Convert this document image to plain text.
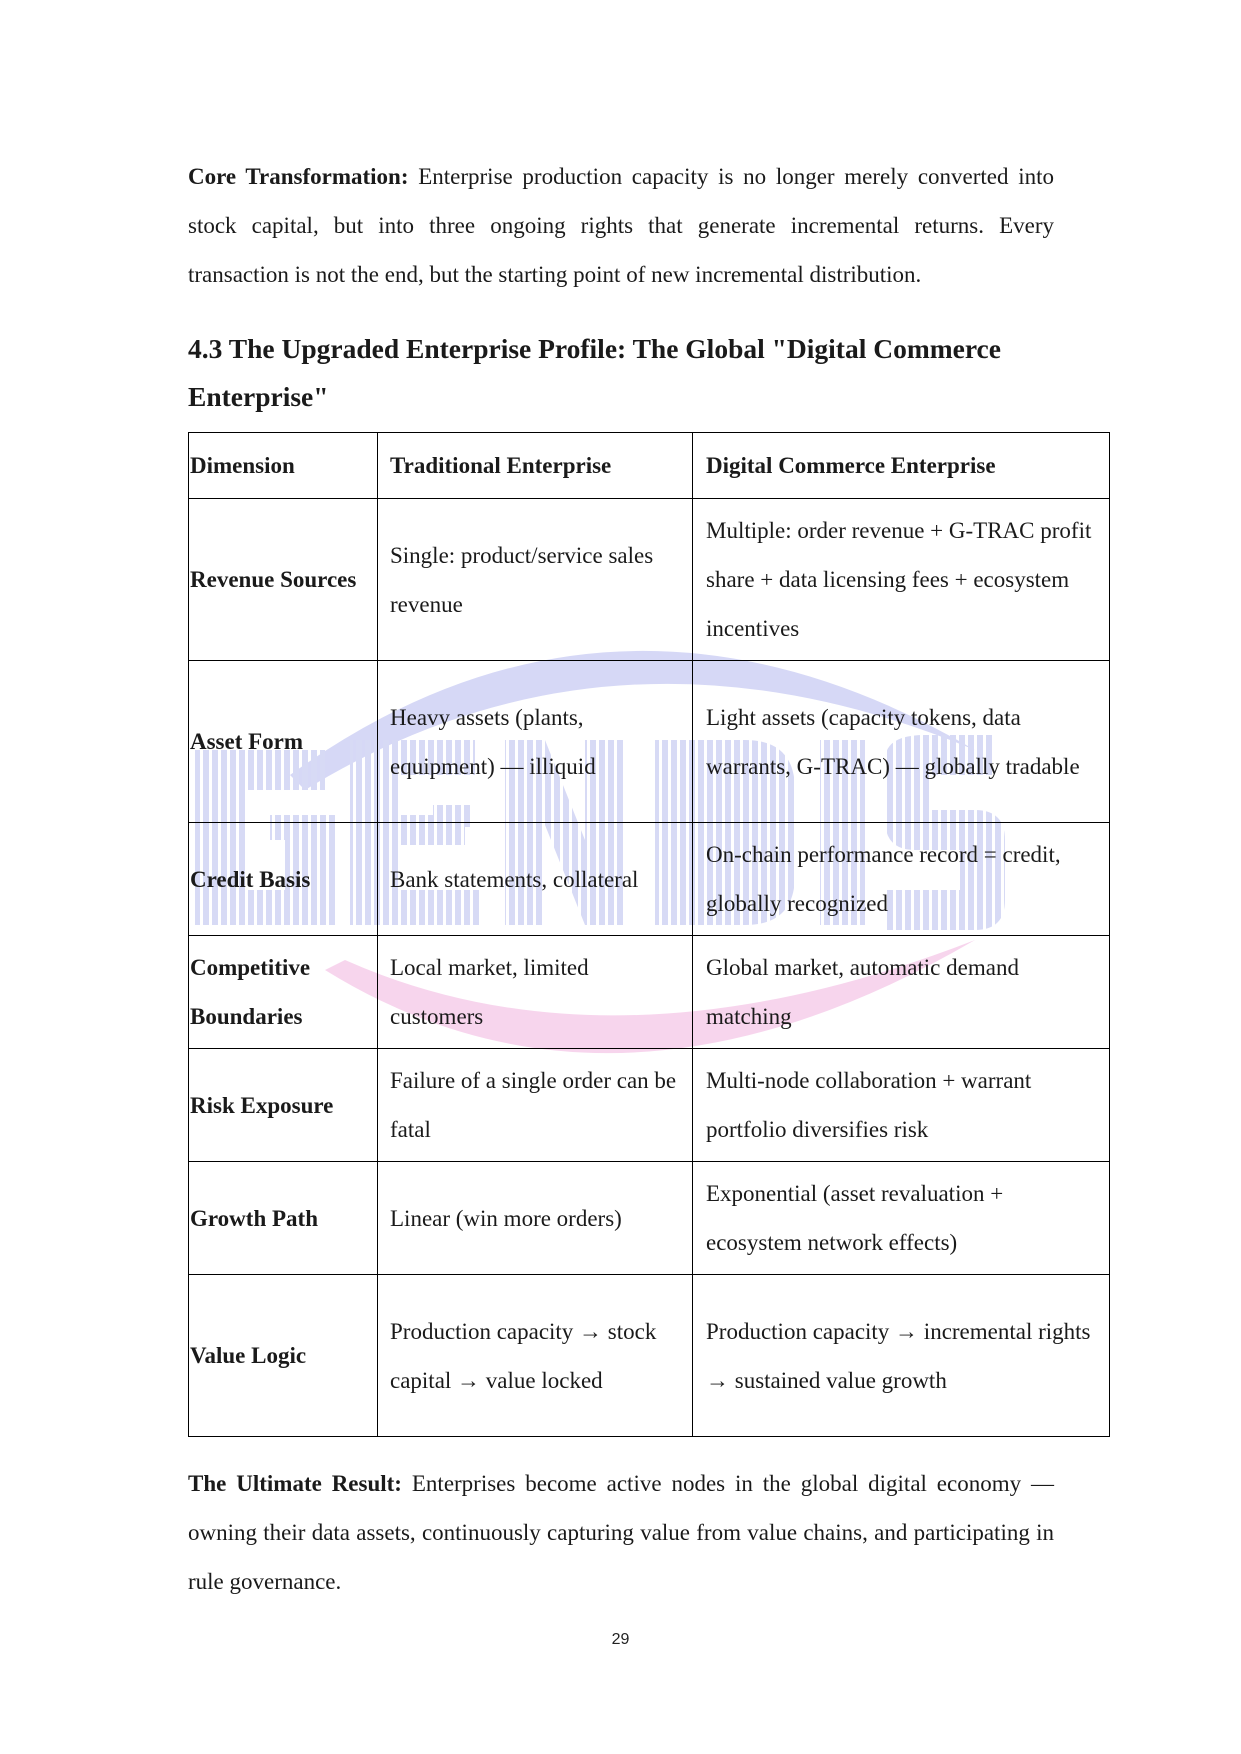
Core Transformation: Enterprise production capacity is no longer merely converted into stock capital, but into three ongoing rights that generate incremental returns. Every transaction is not the end, but the starting point of new incremental distribution.

4.3 The Upgraded Enterprise Profile: The Global "Digital Commerce Enterprise"
Dimension	Traditional Enterprise	Digital Commerce Enterprise
Revenue Sources	Single: product/service sales revenue	Multiple: order revenue + G-TRAC profit share + data licensing fees + ecosystem incentives
Asset Form	Heavy assets (plants, equipment) — illiquid	Light assets (capacity tokens, data warrants, G-TRAC) — globally tradable
Credit Basis	Bank statements, collateral	On-chain performance record = credit, globally recognized
Competitive Boundaries	Local market, limited customers	Global market, automatic demand matching
Risk Exposure	Failure of a single order can be fatal	Multi-node collaboration + warrant portfolio diversifies risk
Growth Path	Linear (win more orders)	Exponential (asset revaluation + ecosystem network effects)
Value Logic	Production capacity → stock capital → value locked	Production capacity → incremental rights → sustained value growth

The Ultimate Result: Enterprises become active nodes in the global digital economy — owning their data assets, continuously capturing value from value chains, and participating in rule governance.

29
